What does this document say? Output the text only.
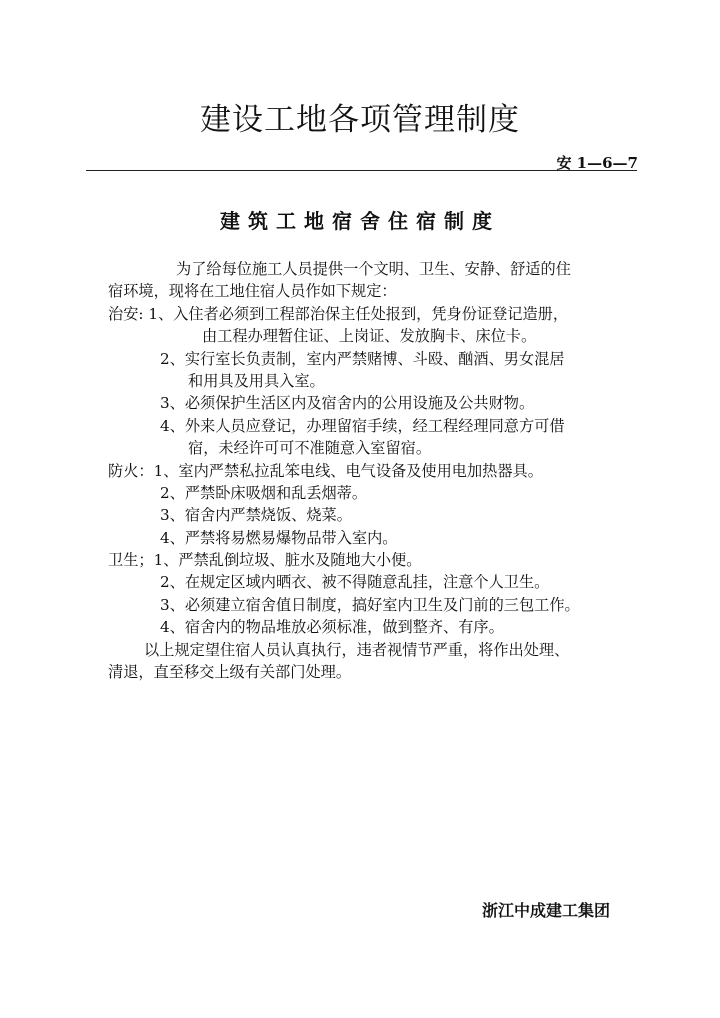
建设工地各项管理制度
安 1—6—7
建筑工地宿舍住宿制度
为了给每位施工人员提供一个文明、卫生、安静、舒适的住
宿环境，现将在工地住宿人员作如下规定：
治安: 1、入住者必须到工程部治保主任处报到，凭身份证登记造册，
由工程办理暂住证、上岗证、发放胸卡、床位卡。
2、实行室长负责制，室内严禁赌博、斗殴、酗酒、男女混居
和用具及用具入室。
3、必须保护生活区内及宿舍内的公用设施及公共财物。
4、外来人员应登记，办理留宿手续，经工程经理同意方可借
宿，未经许可可不准随意入室留宿。
防火：1、室内严禁私拉乱笨电线、电气设备及使用电加热器具。
2、严禁卧床吸烟和乱丢烟蒂。
3、宿舍内严禁烧饭、烧菜。
4、严禁将易燃易爆物品带入室内。
卫生；1、严禁乱倒垃圾、脏水及随地大小便。
2、在规定区域内晒衣、被不得随意乱挂，注意个人卫生。
3、必须建立宿舍值日制度，搞好室内卫生及门前的三包工作。
4、宿舍内的物品堆放必须标准，做到整齐、有序。
以上规定望住宿人员认真执行，违者视情节严重，将作出处理、
清退，直至移交上级有关部门处理。
浙江中成建工集团
